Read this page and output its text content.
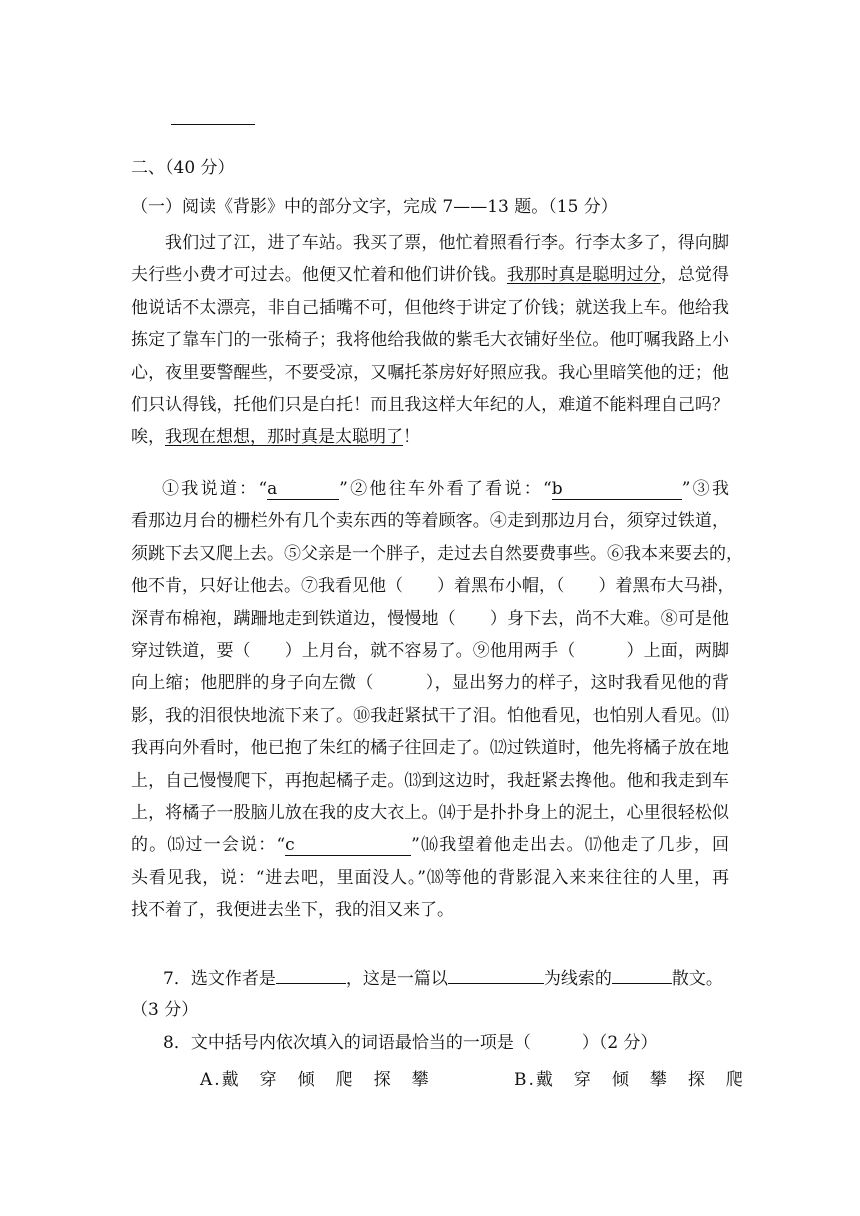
二、（40 分）
（一）阅读《背影》中的部分文字，完成 7——13 题。（15 分）
我们过了江，进了车站。我买了票，他忙着照看行李。行李太多了，得向脚
夫行些小费才可过去。他便又忙着和他们讲价钱。我那时真是聪明过分，总觉得
他说话不太漂亮，非自己插嘴不可，但他终于讲定了价钱；就送我上车。他给我
拣定了靠车门的一张椅子；我将他给我做的紫毛大衣铺好坐位。他叮嘱我路上小
心，夜里要警醒些，不要受凉，又嘱托茶房好好照应我。我心里暗笑他的迂；他
们只认得钱，托他们只是白托！而且我这样大年纪的人，难道不能料理自己吗？
唉，我现在想想，那时真是太聪明了！
①我说道：“a	”②他往车外看了看说：“b	”③我
看那边月台的栅栏外有几个卖东西的等着顾客。④走到那边月台，须穿过铁道，
须跳下去又爬上去。⑤父亲是一个胖子，走过去自然要费事些。⑥我本来要去的，
他不肯，只好让他去。⑦我看见他（　　）着黑布小帽，（　　）着黑布大马褂，
深青布棉袍，蹒跚地走到铁道边，慢慢地（　　）身下去，尚不大难。⑧可是他
穿过铁道，要（　　）上月台，就不容易了。⑨他用两手（　　　）上面，两脚
向上缩；他肥胖的身子向左微（　　　），显出努力的样子，这时我看见他的背
影，我的泪很快地流下来了。⑩我赶紧拭干了泪。怕他看见，也怕别人看见。⑾
我再向外看时，他已抱了朱红的橘子往回走了。⑿过铁道时，他先将橘子放在地
上，自己慢慢爬下，再抱起橘子走。⒀到这边时，我赶紧去搀他。他和我走到车
上，将橘子一股脑儿放在我的皮大衣上。⒁于是扑扑身上的泥土，心里很轻松似
的。⒂过一会说：“c	”⒃我望着他走出去。⒄他走了几步，回
头看见我，说：“进去吧，里面没人。”⒅等他的背影混入来来往往的人里，再
找不着了，我便进去坐下，我的泪又来了。
7．选文作者是	，这是一篇以	为线索的	散文。
（3 分）
8．文中括号内依次填入的词语最恰当的一项是（　　　）（2 分）
A.戴　穿　倾　爬　探　攀	B.戴　穿　倾　攀　探　爬
